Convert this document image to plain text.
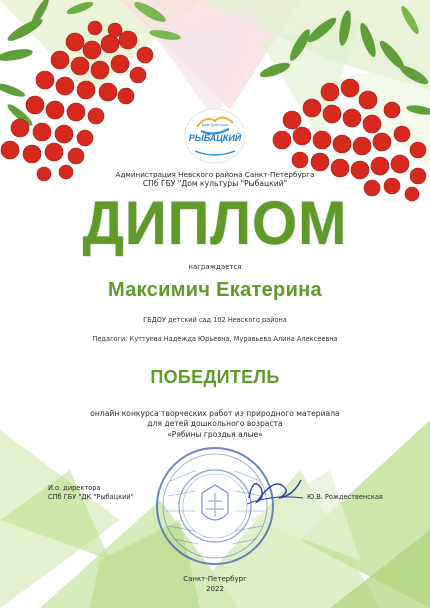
Дом культуры
РЫБАЦКИЙ
Администрация Невского района Санкт-Петербурга
СПб ГБУ "Дом культуры "Рыбацкий"
ДИПЛОМ
награждается
Максимич Екатерина
ГБДОУ детский сад 102 Невского района
Педагоги: Куттуева Надежда Юрьевна, Муравьева Алина Алексеевна
ПОБЕДИТЕЛЬ
онлайн конкурса творческих работ из природного материала
для детей дошкольного возраста
«Рябины гроздья алые»
И.о. директора
СПб ГБУ "ДК "Рыбацкий"	Ю.В. Рождественская
Санкт-Петербург
2022
